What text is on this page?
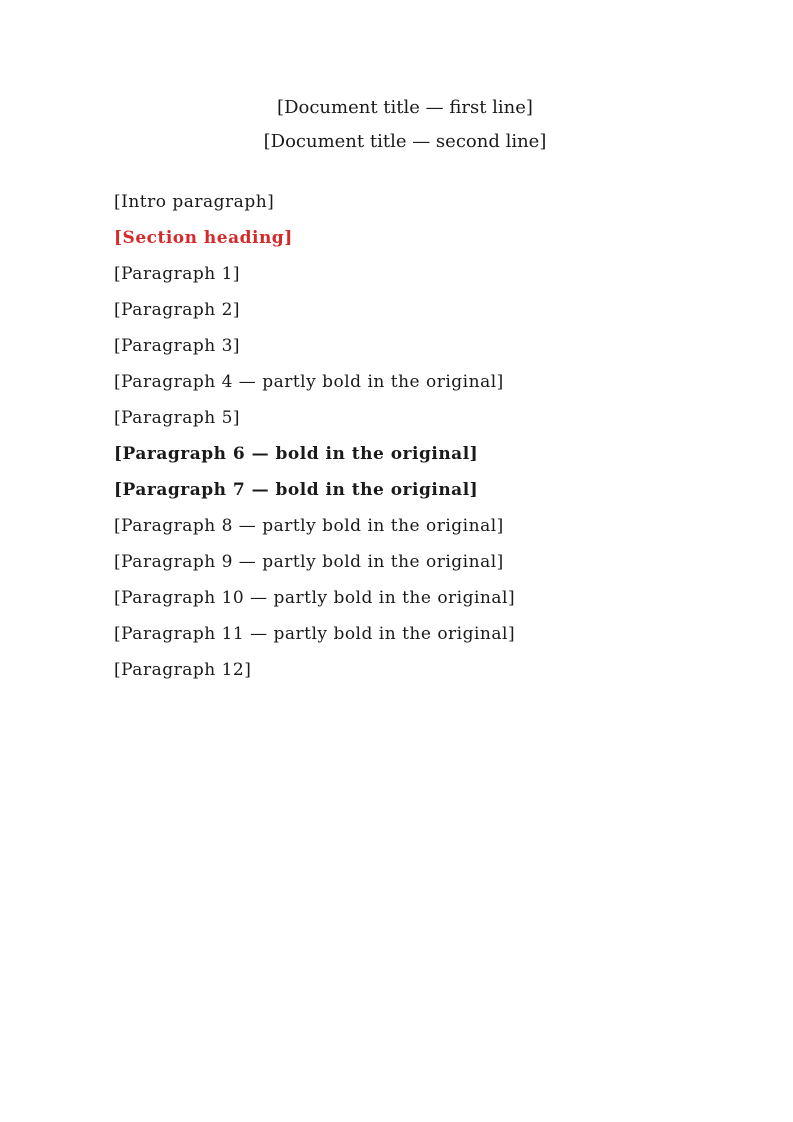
[Document title — first line]
[Document title — second line]

[Intro paragraph]

[Section heading]

[Paragraph 1]

[Paragraph 2]

[Paragraph 3]

[Paragraph 4 — partly bold in the original]

[Paragraph 5]

[Paragraph 6 — bold in the original]

[Paragraph 7 — bold in the original]

[Paragraph 8 — partly bold in the original]

[Paragraph 9 — partly bold in the original]

[Paragraph 10 — partly bold in the original]

[Paragraph 11 — partly bold in the original]

[Paragraph 12]
